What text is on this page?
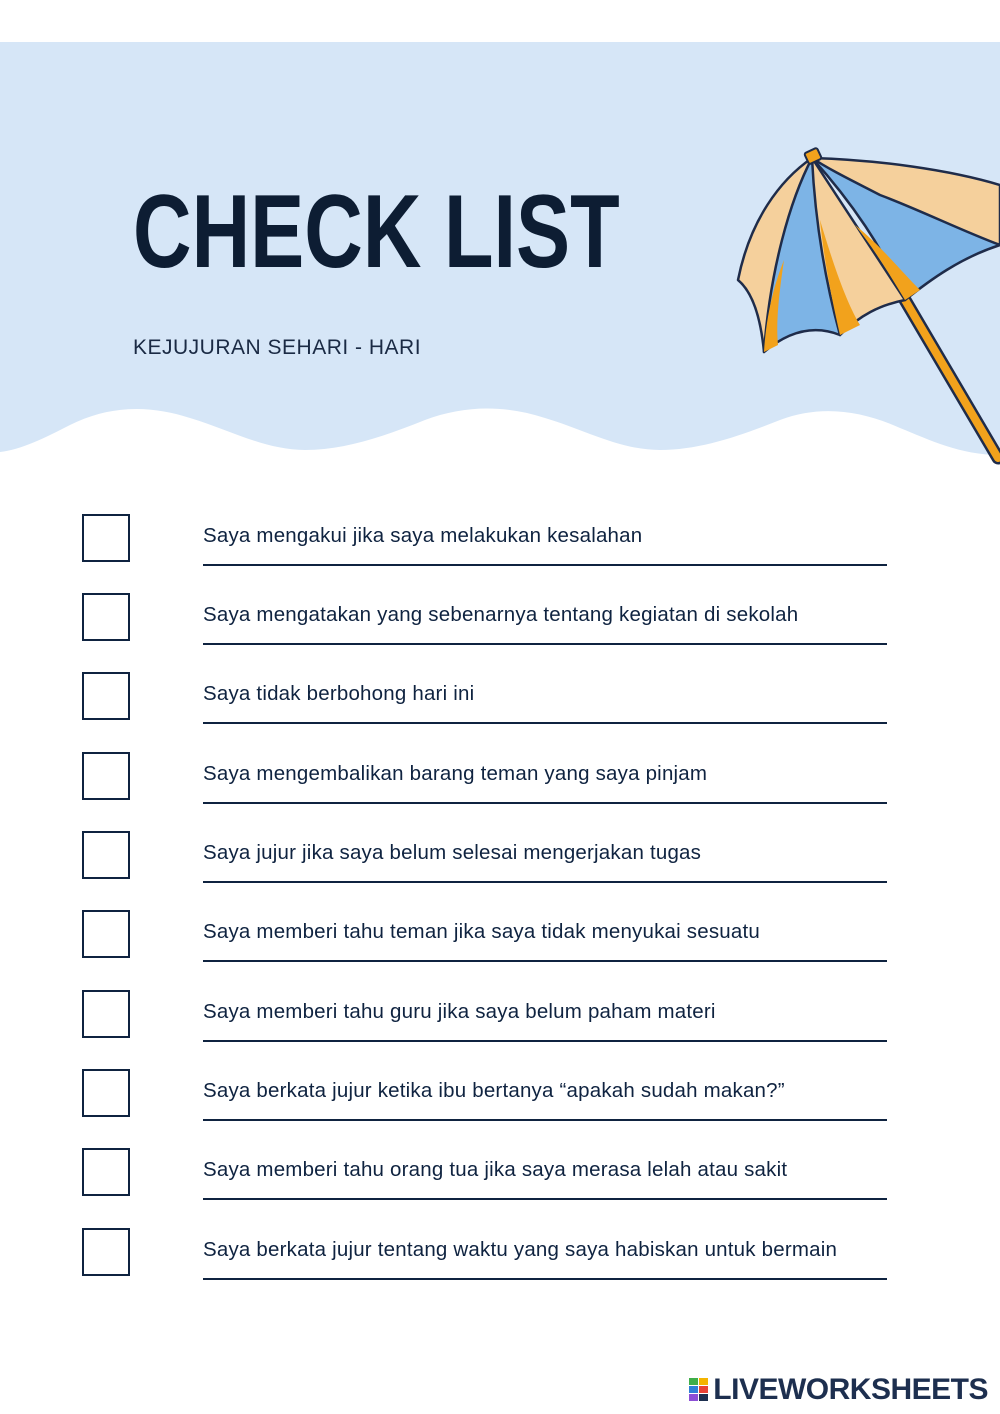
CHECK LIST
KEJUJURAN SEHARI - HARI
Saya mengakui jika saya melakukan kesalahan
Saya mengatakan yang sebenarnya tentang kegiatan di sekolah
Saya tidak berbohong hari ini
Saya mengembalikan barang teman yang saya pinjam
Saya jujur jika saya belum selesai mengerjakan tugas
Saya memberi tahu teman jika saya tidak menyukai sesuatu
Saya memberi tahu guru jika saya belum paham materi
Saya berkata jujur ketika ibu bertanya “apakah sudah makan?”
Saya memberi tahu orang tua jika saya merasa lelah atau sakit
Saya berkata jujur tentang waktu yang saya habiskan untuk bermain
LIVEWORKSHEETS
